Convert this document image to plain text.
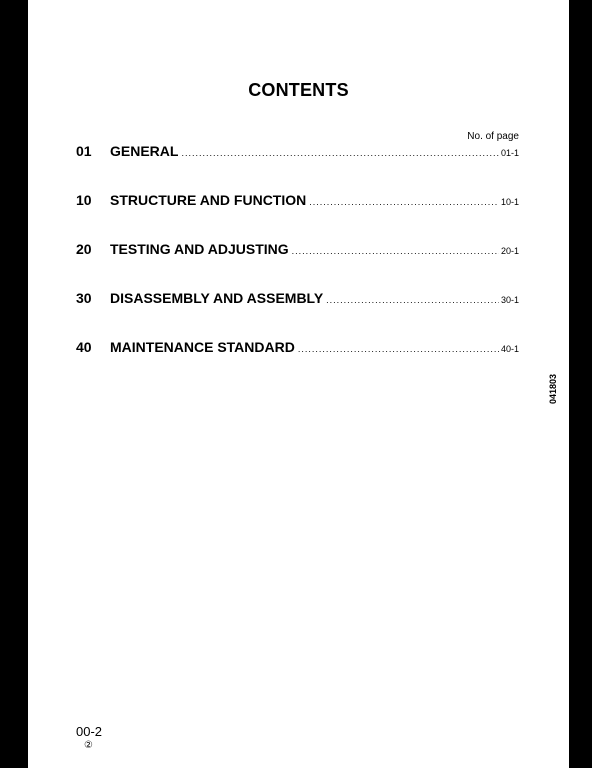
CONTENTS
No. of page
01	GENERAL .....	01-1
10	STRUCTURE AND FUNCTION .....	10-1
20	TESTING AND ADJUSTING .....	20-1
30	DISASSEMBLY AND ASSEMBLY .....	30-1
40	MAINTENANCE STANDARD .....	40-1
041803
00-2
②
